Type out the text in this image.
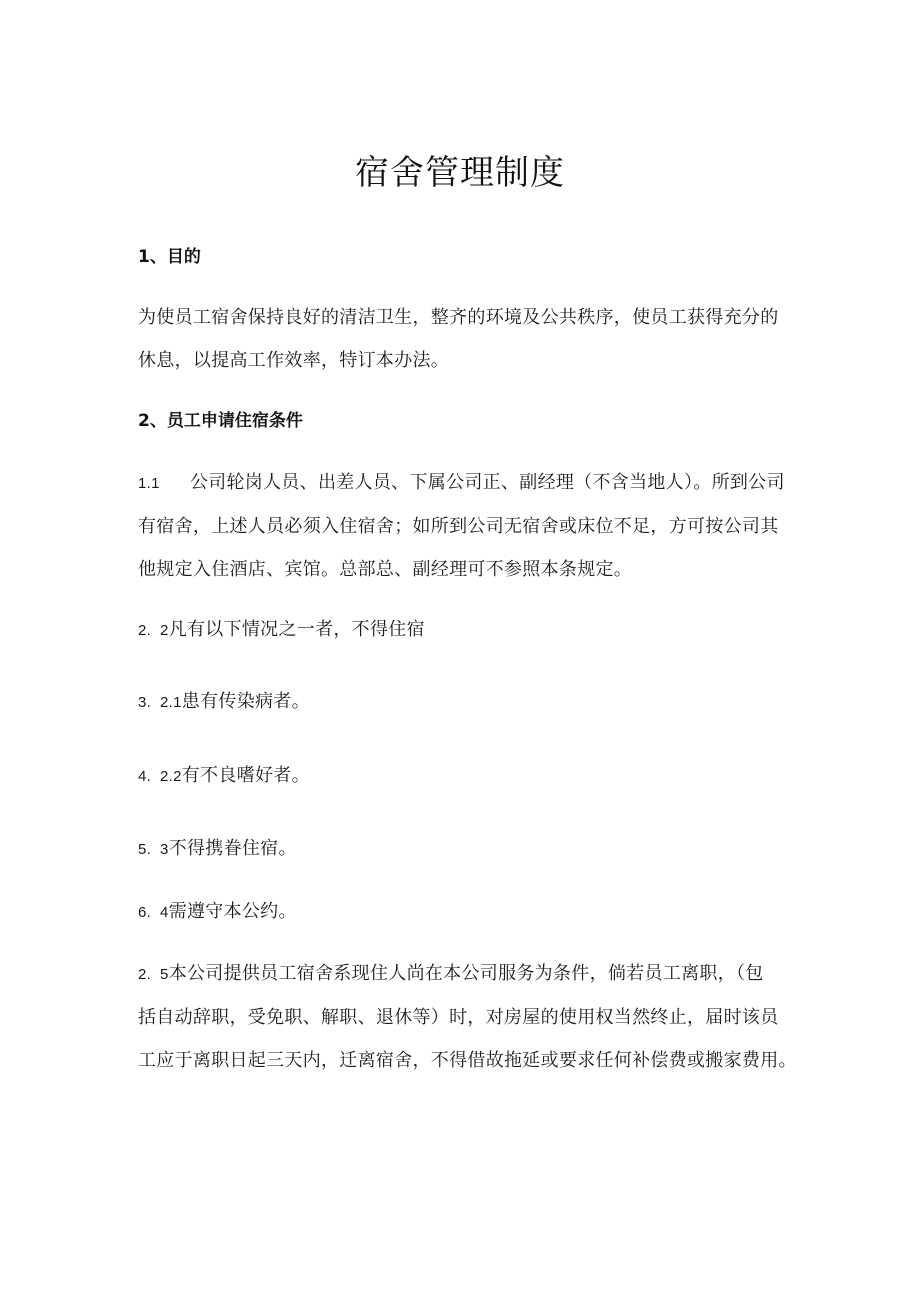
宿舍管理制度
1、目的

为使员工宿舍保持良好的清洁卫生，整齐的环境及公共秩序，使员工获得充分的
休息，以提高工作效率，特订本办法。

2、员工申请住宿条件

1.1 公司轮岗人员、出差人员、下属公司正、副经理（不含当地人）。所到公司
有宿舍，上述人员必须入住宿舍；如所到公司无宿舍或床位不足，方可按公司其
他规定入住酒店、宾馆。总部总、副经理可不参照本条规定。

2.  2凡有以下情况之一者，不得住宿

3.  2.1患有传染病者。

4.  2.2有不良嗜好者。

5.  3不得携眷住宿。

6.  4需遵守本公约。

2.  5本公司提供员工宿舍系现住人尚在本公司服务为条件，倘若员工离职，（包
括自动辞职，受免职、解职、退休等）时，对房屋的使用权当然终止，届时该员
工应于离职日起三天内，迁离宿舍，不得借故拖延或要求任何补偿费或搬家费用。
